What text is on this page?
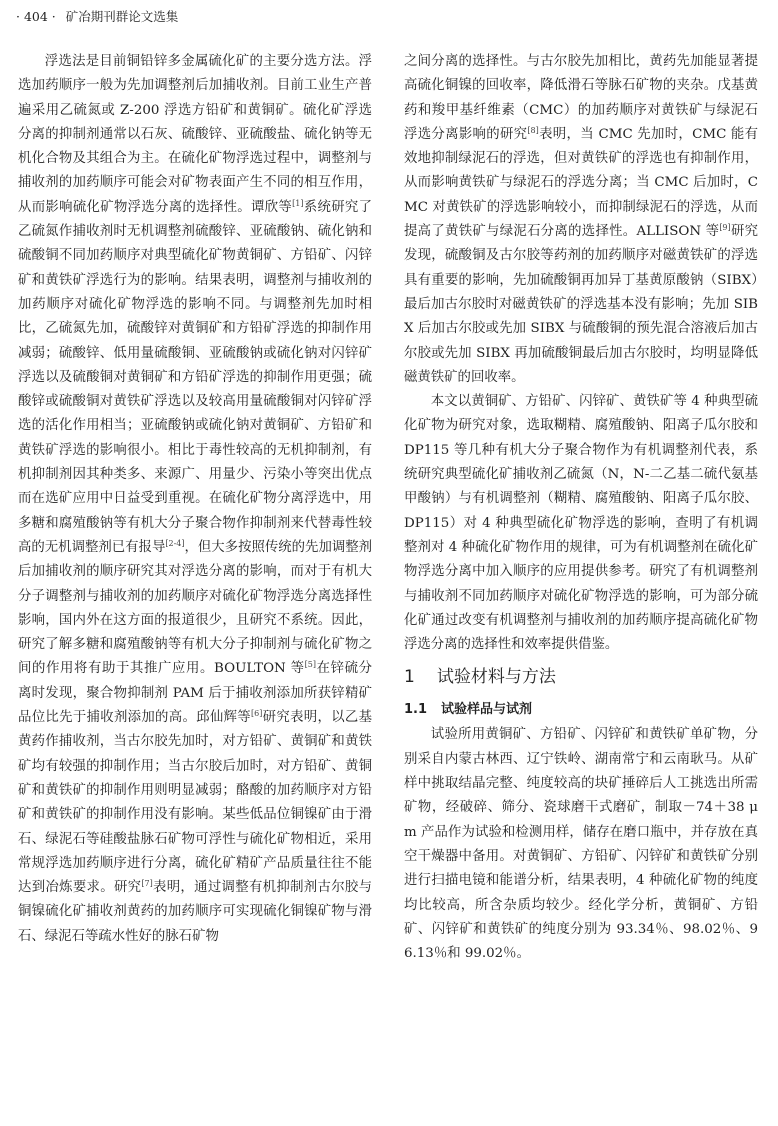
· 404 · 矿冶期刊群论文选集

浮选法是目前铜铅锌多金属硫化矿的主要分选方法。浮选加药顺序一般为先加调整剂后加捕收剂。目前工业生产普遍采用乙硫氮或 Z-200 浮选方铅矿和黄铜矿。硫化矿浮选分离的抑制剂通常以石灰、硫酸锌、亚硫酸盐、硫化钠等无机化合物及其组合为主。在硫化矿物浮选过程中，调整剂与捕收剂的加药顺序可能会对矿物表面产生不同的相互作用，从而影响硫化矿物浮选分离的选择性。谭欣等[1]系统研究了乙硫氮作捕收剂时无机调整剂硫酸锌、亚硫酸钠、硫化钠和硫酸铜不同加药顺序对典型硫化矿物黄铜矿、方铅矿、闪锌矿和黄铁矿浮选行为的影响。结果表明，调整剂与捕收剂的加药顺序对硫化矿物浮选的影响不同。与调整剂先加时相比，乙硫氮先加，硫酸锌对黄铜矿和方铅矿浮选的抑制作用减弱；硫酸锌、低用量硫酸铜、亚硫酸钠或硫化钠对闪锌矿浮选以及硫酸铜对黄铜矿和方铅矿浮选的抑制作用更强；硫酸锌或硫酸铜对黄铁矿浮选以及较高用量硫酸铜对闪锌矿浮选的活化作用相当；亚硫酸钠或硫化钠对黄铜矿、方铅矿和黄铁矿浮选的影响很小。相比于毒性较高的无机抑制剂，有机抑制剂因其种类多、来源广、用量少、污染小等突出优点而在选矿应用中日益受到重视。在硫化矿物分离浮选中，用多糖和腐殖酸钠等有机大分子聚合物作抑制剂来代替毒性较高的无机调整剂已有报导[2-4]，但大多按照传统的先加调整剂后加捕收剂的顺序研究其对浮选分离的影响，而对于有机大分子调整剂与捕收剂的加药顺序对硫化矿物浮选分离选择性影响，国内外在这方面的报道很少，且研究不系统。因此，研究了解多糖和腐殖酸钠等有机大分子抑制剂与硫化矿物之间的作用将有助于其推广应用。BOULTON 等[5]在锌硫分离时发现，聚合物抑制剂 PAM 后于捕收剂添加所获锌精矿品位比先于捕收剂添加的高。邱仙辉等[6]研究表明，以乙基黄药作捕收剂，当古尔胶先加时，对方铅矿、黄铜矿和黄铁矿均有较强的抑制作用；当古尔胶后加时，对方铅矿、黄铜矿和黄铁矿的抑制作用则明显减弱；酪酸的加药顺序对方铅矿和黄铁矿的抑制作用没有影响。某些低品位铜镍矿由于滑石、绿泥石等硅酸盐脉石矿物可浮性与硫化矿物相近，采用常规浮选加药顺序进行分离，硫化矿精矿产品质量往往不能达到冶炼要求。研究[7]表明，通过调整有机抑制剂古尔胶与铜镍硫化矿捕收剂黄药的加药顺序可实现硫化铜镍矿物与滑石、绿泥石等疏水性好的脉石矿物

之间分离的选择性。与古尔胶先加相比，黄药先加能显著提高硫化铜镍的回收率，降低滑石等脉石矿物的夹杂。戊基黄药和羧甲基纤维素（CMC）的加药顺序对黄铁矿与绿泥石浮选分离影响的研究[8]表明，当 CMC 先加时，CMC 能有效地抑制绿泥石的浮选，但对黄铁矿的浮选也有抑制作用，从而影响黄铁矿与绿泥石的浮选分离；当 CMC 后加时，CMC 对黄铁矿的浮选影响较小，而抑制绿泥石的浮选，从而提高了黄铁矿与绿泥石分离的选择性。ALLISON 等[9]研究发现，硫酸铜及古尔胶等药剂的加药顺序对磁黄铁矿的浮选具有重要的影响，先加硫酸铜再加异丁基黄原酸钠（SIBX）最后加古尔胶时对磁黄铁矿的浮选基本没有影响；先加 SIBX 后加古尔胶或先加 SIBX 与硫酸铜的预先混合溶液后加古尔胶或先加 SIBX 再加硫酸铜最后加古尔胶时，均明显降低磁黄铁矿的回收率。

本文以黄铜矿、方铅矿、闪锌矿、黄铁矿等 4 种典型硫化矿物为研究对象，选取糊精、腐殖酸钠、阳离子瓜尔胶和 DP115 等几种有机大分子聚合物作为有机调整剂代表，系统研究典型硫化矿捕收剂乙硫氮（N，N-二乙基二硫代氨基甲酸钠）与有机调整剂（糊精、腐殖酸钠、阳离子瓜尔胶、DP115）对 4 种典型硫化矿物浮选的影响，查明了有机调整剂对 4 种硫化矿物作用的规律，可为有机调整剂在硫化矿物浮选分离中加入顺序的应用提供参考。研究了有机调整剂与捕收剂不同加药顺序对硫化矿物浮选的影响，可为部分硫化矿通过改变有机调整剂与捕收剂的加药顺序提高硫化矿物浮选分离的选择性和效率提供借鉴。

1 试验材料与方法
1.1 试验样品与试剂

试验所用黄铜矿、方铅矿、闪锌矿和黄铁矿单矿物，分别采自内蒙古林西、辽宁铁岭、湖南常宁和云南耿马。从矿样中挑取结晶完整、纯度较高的块矿捶碎后人工挑选出所需矿物，经破碎、筛分、瓷球磨干式磨矿，制取－74＋38 μm 产品作为试验和检测用样，储存在磨口瓶中，并存放在真空干燥器中备用。对黄铜矿、方铅矿、闪锌矿和黄铁矿分别进行扫描电镜和能谱分析，结果表明，4 种硫化矿物的纯度均比较高，所含杂质均较少。经化学分析，黄铜矿、方铅矿、闪锌矿和黄铁矿的纯度分别为 93.34％、98.02％、96.13％和 99.02％。
